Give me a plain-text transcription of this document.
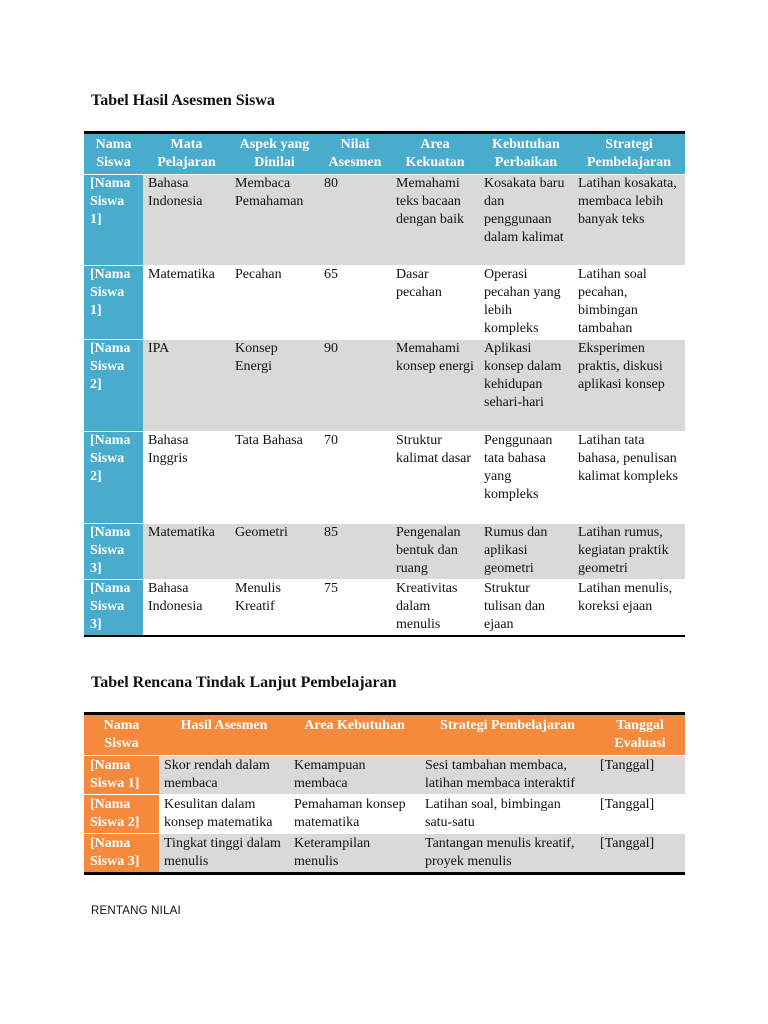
Tabel Hasil Asesmen Siswa
Nama Siswa	Mata Pelajaran	Aspek yang Dinilai	Nilai Asesmen	Area Kekuatan	Kebutuhan Perbaikan	Strategi Pembelajaran
[Nama Siswa 1]	Bahasa Indonesia	Membaca Pemahaman	80	Memahami teks bacaan dengan baik	Kosakata baru dan penggunaan dalam kalimat	Latihan kosakata, membaca lebih banyak teks
[Nama Siswa 1]	Matematika	Pecahan	65	Dasar pecahan	Operasi pecahan yang lebih kompleks	Latihan soal pecahan, bimbingan tambahan
[Nama Siswa 2]	IPA	Konsep Energi	90	Memahami konsep energi	Aplikasi konsep dalam kehidupan sehari-hari	Eksperimen praktis, diskusi aplikasi konsep
[Nama Siswa 2]	Bahasa Inggris	Tata Bahasa	70	Struktur kalimat dasar	Penggunaan tata bahasa yang kompleks	Latihan tata bahasa, penulisan kalimat kompleks
[Nama Siswa 3]	Matematika	Geometri	85	Pengenalan bentuk dan ruang	Rumus dan aplikasi geometri	Latihan rumus, kegiatan praktik geometri
[Nama Siswa 3]	Bahasa Indonesia	Menulis Kreatif	75	Kreativitas dalam menulis	Struktur tulisan dan ejaan	Latihan menulis, koreksi ejaan
Tabel Rencana Tindak Lanjut Pembelajaran
Nama Siswa	Hasil Asesmen	Area Kebutuhan	Strategi Pembelajaran	Tanggal Evaluasi
[Nama Siswa 1]	Skor rendah dalam membaca	Kemampuan membaca	Sesi tambahan membaca, latihan membaca interaktif	[Tanggal]
[Nama Siswa 2]	Kesulitan dalam konsep matematika	Pemahaman konsep matematika	Latihan soal, bimbingan satu-satu	[Tanggal]
[Nama Siswa 3]	Tingkat tinggi dalam menulis	Keterampilan menulis	Tantangan menulis kreatif, proyek menulis	[Tanggal]
RENTANG NILAI
